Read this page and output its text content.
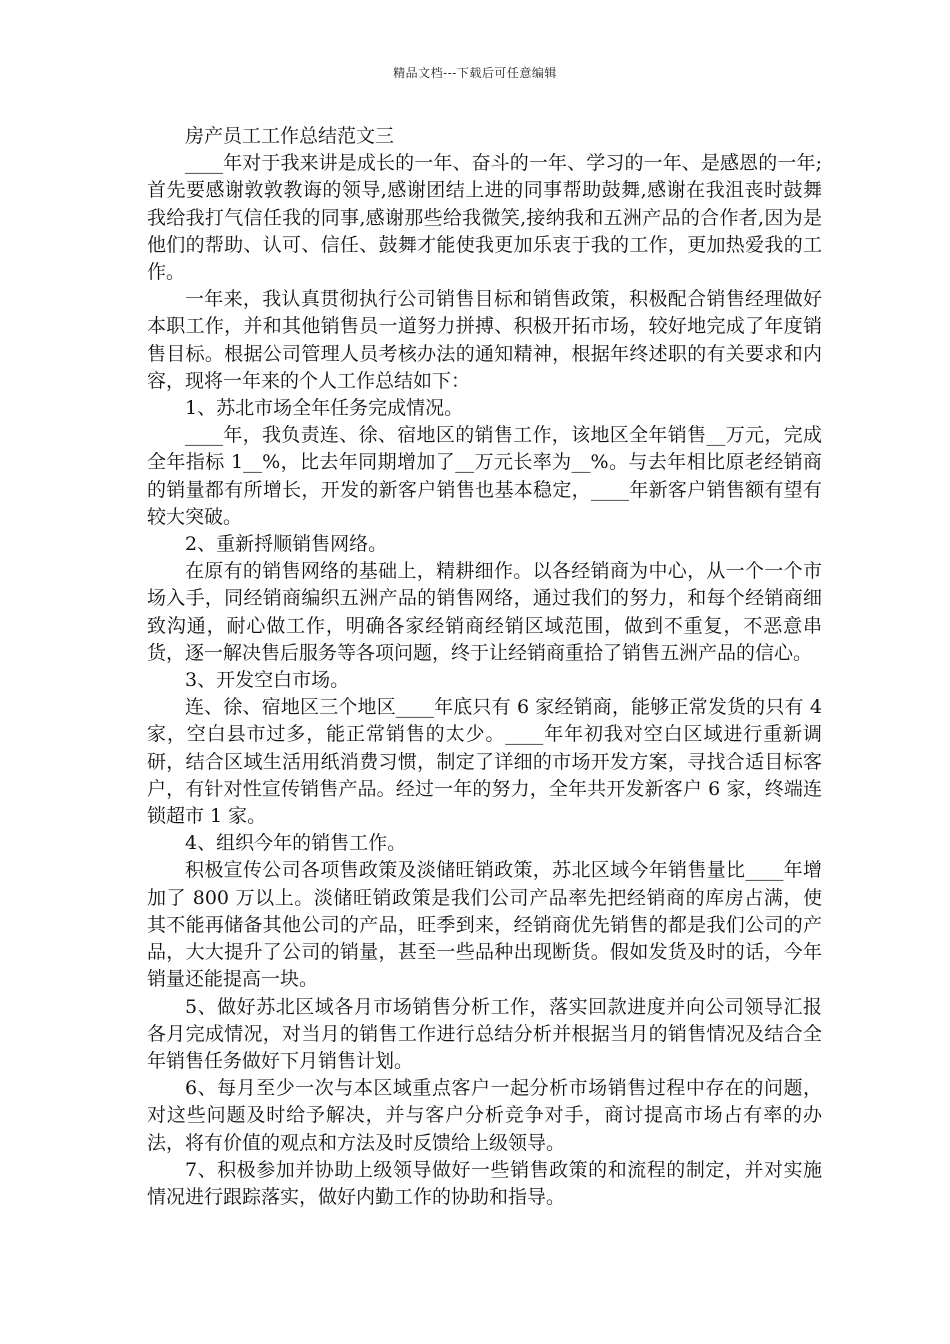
精品文档---下载后可任意编辑

房产员工工作总结范文三

____年对于我来讲是成长的一年、奋斗的一年、学习的一年、是感恩的一年;首先要感谢敦敦教诲的领导,感谢团结上进的同事帮助鼓舞,感谢在我沮丧时鼓舞我给我打气信任我的同事,感谢那些给我微笑,接纳我和五洲产品的合作者,因为是他们的帮助、认可、信任、鼓舞才能使我更加乐衷于我的工作，更加热爱我的工作。

一年来，我认真贯彻执行公司销售目标和销售政策，积极配合销售经理做好本职工作，并和其他销售员一道努力拼搏、积极开拓市场，较好地完成了年度销售目标。根据公司管理人员考核办法的通知精神，根据年终述职的有关要求和内容，现将一年来的个人工作总结如下：

1、苏北市场全年任务完成情况。

____年，我负责连、徐、宿地区的销售工作，该地区全年销售__万元，完成全年指标 1__%，比去年同期增加了__万元长率为__%。与去年相比原老经销商的销量都有所增长，开发的新客户销售也基本稳定，____年新客户销售额有望有较大突破。

2、重新捋顺销售网络。

在原有的销售网络的基础上，精耕细作。以各经销商为中心，从一个一个市场入手，同经销商编织五洲产品的销售网络，通过我们的努力，和每个经销商细致沟通，耐心做工作，明确各家经销商经销区域范围，做到不重复，不恶意串货，逐一解决售后服务等各项问题，终于让经销商重拾了销售五洲产品的信心。

3、开发空白市场。

连、徐、宿地区三个地区____年底只有 6 家经销商，能够正常发货的只有 4 家，空白县市过多，能正常销售的太少。____年年初我对空白区域进行重新调研，结合区域生活用纸消费习惯，制定了详细的市场开发方案，寻找合适目标客户，有针对性宣传销售产品。经过一年的努力，全年共开发新客户 6 家，终端连锁超市 1 家。

4、组织今年的销售工作。

积极宣传公司各项售政策及淡储旺销政策，苏北区域今年销售量比____年增加了 800 万以上。淡储旺销政策是我们公司产品率先把经销商的库房占满，使其不能再储备其他公司的产品，旺季到来，经销商优先销售的都是我们公司的产品，大大提升了公司的销量，甚至一些品种出现断货。假如发货及时的话，今年销量还能提高一块。

5、做好苏北区域各月市场销售分析工作，落实回款进度并向公司领导汇报各月完成情况，对当月的销售工作进行总结分析并根据当月的销售情况及结合全年销售任务做好下月销售计划。

6、每月至少一次与本区域重点客户一起分析市场销售过程中存在的问题，对这些问题及时给予解决，并与客户分析竞争对手，商讨提高市场占有率的办法，将有价值的观点和方法及时反馈给上级领导。

7、积极参加并协助上级领导做好一些销售政策的和流程的制定，并对实施情况进行跟踪落实，做好内勤工作的协助和指导。
